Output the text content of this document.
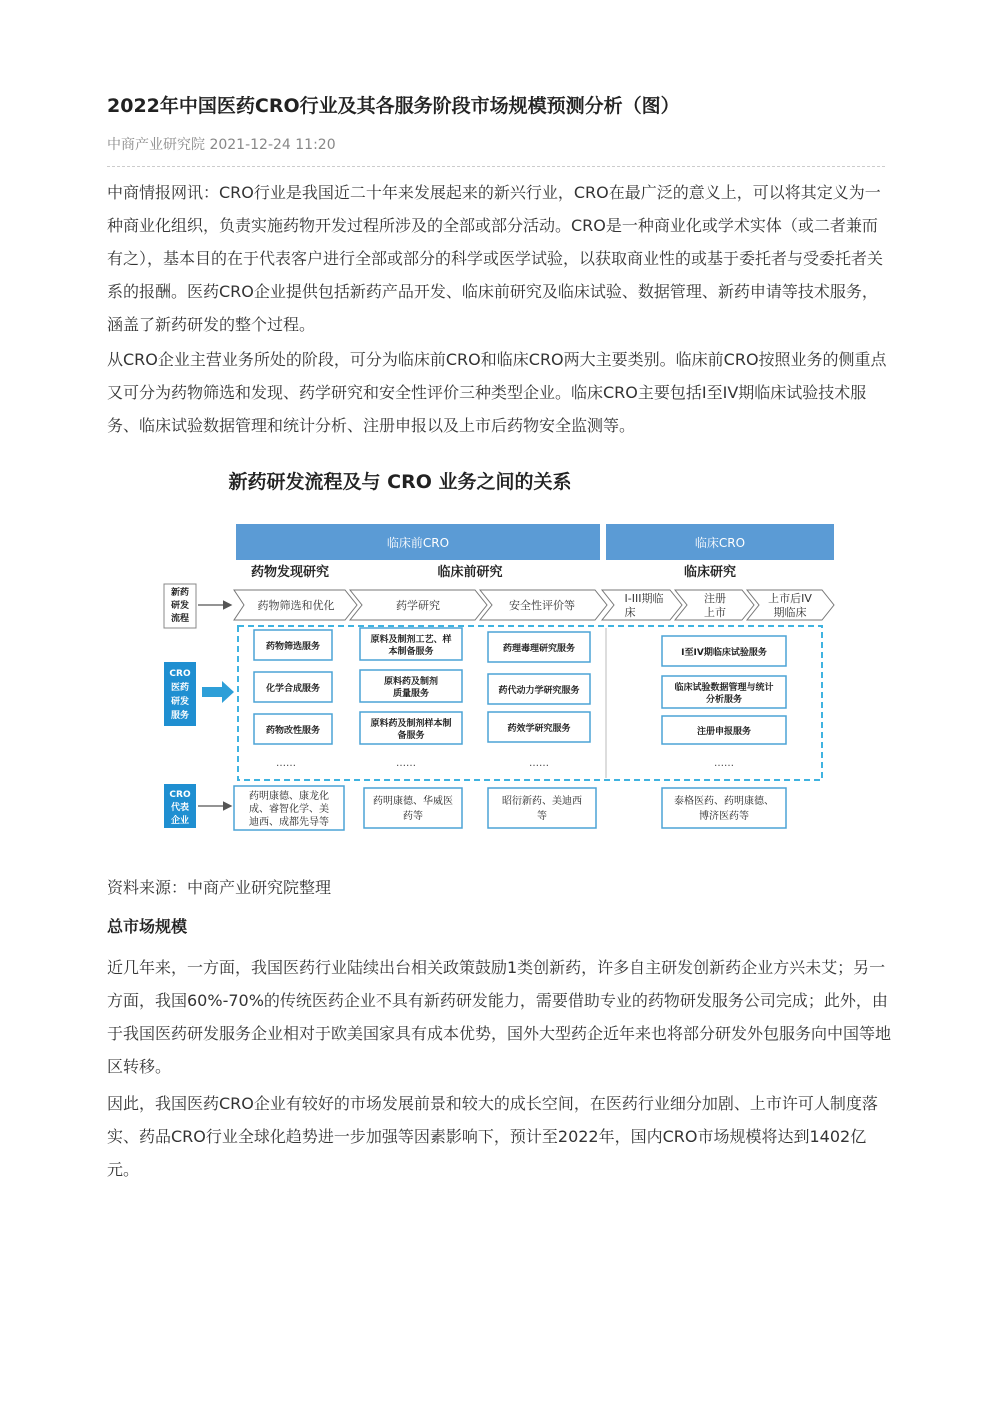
2022年中国医药CRO行业及其各服务阶段市场规模预测分析（图）
中商产业研究院 2021-12-24 11:20

中商情报网讯：CRO行业是我国近二十年来发展起来的新兴行业，CRO在最广泛的意义上，可以将其定义为一种商业化组织，负责实施药物开发过程所涉及的全部或部分活动。CRO是一种商业化或学术实体（或二者兼而有之），基本目的在于代表客户进行全部或部分的科学或医学试验，以获取商业性的或基于委托者与受委托者关系的报酬。医药CRO企业提供包括新药产品开发、临床前研究及临床试验、数据管理、新药申请等技术服务，涵盖了新药研发的整个过程。

从CRO企业主营业务所处的阶段，可分为临床前CRO和临床CRO两大主要类别。临床前CRO按照业务的侧重点又可分为药物筛选和发现、药学研究和安全性评价三种类型企业。临床CRO主要包括I至IV期临床试验技术服务、临床试验数据管理和统计分析、注册申报以及上市后药物安全监测等。

新药研发流程及与 CRO 业务之间的关系
临床前CRO	临床CRO
药物发现研究	临床前研究	临床研究
新药
研发
流程
药物筛选和优化	药学研究	安全性评价等
I-III期临
床
注册
上市
上市后IV
期临床
CRO
医药
研发
服务
药物筛选服务
化学合成服务
药物改性服务
……
原料及制剂工艺、样
本制备服务
原料药及制剂
质量服务
原料药及制剂样本制
备服务
……
药理毒理研究服务
药代动力学研究服务
药效学研究服务
……
I至IV期临床试验服务
临床试验数据管理与统计
分析服务
注册申报服务
……
CRO
代表
企业
药明康德、康龙化
成、睿智化学、美
迪西、成都先导等
药明康德、华威医
药等
昭衍新药、美迪西
等
泰格医药、药明康德、
博济医药等
资料来源：中商产业研究院整理
总市场规模

近几年来，一方面，我国医药行业陆续出台相关政策鼓励1类创新药，许多自主研发创新药企业方兴未艾；另一方面，我国60%-70%的传统医药企业不具有新药研发能力，需要借助专业的药物研发服务公司完成；此外，由于我国医药研发服务企业相对于欧美国家具有成本优势，国外大型药企近年来也将部分研发外包服务向中国等地区转移。

因此，我国医药CRO企业有较好的市场发展前景和较大的成长空间，在医药行业细分加剧、上市许可人制度落实、药品CRO行业全球化趋势进一步加强等因素影响下，预计至2022年，国内CRO市场规模将达到1402亿元。
